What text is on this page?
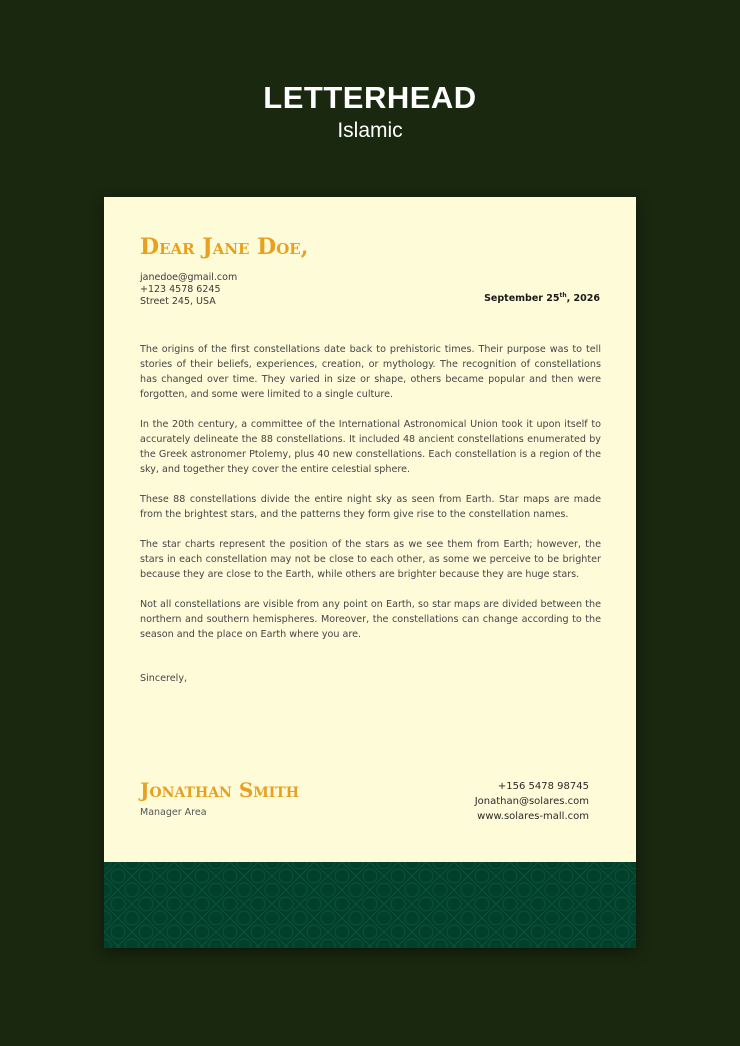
LETTERHEAD
Islamic
Dear Jane Doe,
janedoe@gmail.com
+123 4578 6245
Street 245, USA	September 25th, 2026

The origins of the first constellations date back to prehistoric times. Their purpose was to tell stories of their beliefs, experiences, creation, or mythology. The recognition of constellations has changed over time. They varied in size or shape, others became popular and then were forgotten, and some were limited to a single culture.

In the 20th century, a committee of the International Astronomical Union took it upon itself to accurately delineate the 88 constellations. It included 48 ancient constellations enumerated by the Greek astronomer Ptolemy, plus 40 new constellations. Each constellation is a region of the sky, and together they cover the entire celestial sphere.

These 88 constellations divide the entire night sky as seen from Earth. Star maps are made from the brightest stars, and the patterns they form give rise to the constellation names.

The star charts represent the position of the stars as we see them from Earth; however, the stars in each constellation may not be close to each other, as some we perceive to be brighter because they are close to the Earth, while others are brighter because they are huge stars.

Not all constellations are visible from any point on Earth, so star maps are divided between the northern and southern hemispheres. Moreover, the constellations can change according to the season and the place on Earth where you are.

Sincerely,
Jonathan Smith
Manager Area
+156 5478 98745
Jonathan@solares.com
www.solares-mall.com
